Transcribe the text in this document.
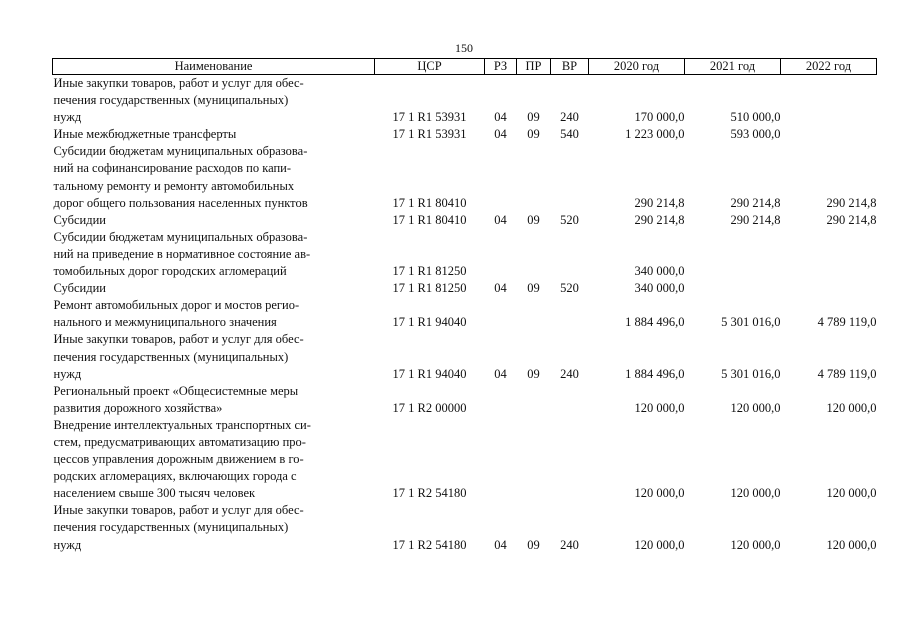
150
Наименование	ЦСР	РЗ	ПР	ВР	2020 год	2021 год	2022 год

Иные закупки товаров, работ и услуг для обес-
печения государственных (муниципальных)
нужд	17 1 R1 53931	04	09	240	170 000,0	510 000,0	

Иные межбюджетные трансферты	17 1 R1 53931	04	09	540	1 223 000,0	593 000,0	

Субсидии бюджетам муниципальных образова-
ний на софинансирование расходов по капи-
тальному ремонту и ремонту автомобильных
дорог общего пользования населенных пунктов	17 1 R1 80410				290 214,8	290 214,8	290 214,8

Субсидии	17 1 R1 80410	04	09	520	290 214,8	290 214,8	290 214,8

Субсидии бюджетам муниципальных образова-
ний на приведение в нормативное состояние ав-
томобильных дорог городских агломераций	17 1 R1 81250				340 000,0		

Субсидии	17 1 R1 81250	04	09	520	340 000,0		

Ремонт автомобильных дорог и мостов регио-
нального и межмуниципального значения	17 1 R1 94040				1 884 496,0	5 301 016,0	4 789 119,0

Иные закупки товаров, работ и услуг для обес-
печения государственных (муниципальных)
нужд	17 1 R1 94040	04	09	240	1 884 496,0	5 301 016,0	4 789 119,0

Региональный проект «Общесистемные меры
развития дорожного хозяйства»	17 1 R2 00000				120 000,0	120 000,0	120 000,0

Внедрение интеллектуальных транспортных си-
стем, предусматривающих автоматизацию про-
цессов управления дорожным движением в го-
родских агломерациях, включающих города с
населением свыше 300 тысяч человек	17 1 R2 54180				120 000,0	120 000,0	120 000,0

Иные закупки товаров, работ и услуг для обес-
печения государственных (муниципальных)
нужд	17 1 R2 54180	04	09	240	120 000,0	120 000,0	120 000,0
